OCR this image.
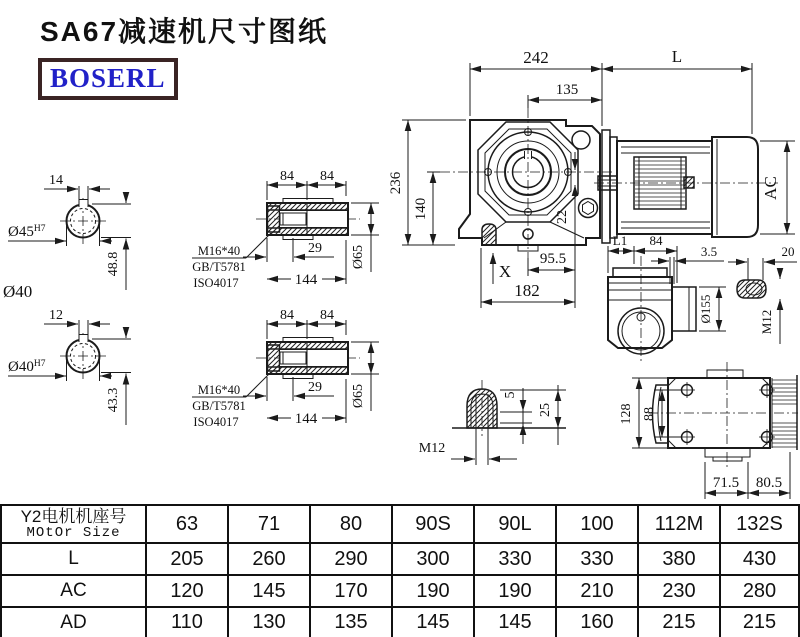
14
$Ø45^{H7}$
48.8
Ø40
12
$Ø40^{H7}$
43.3
84 84
29
144
Ø65
M16*40
GB/T5781
ISO4017
84 84
29
144
Ø65
M16*40
GB/T5781
ISO4017
242	L
135
236
140	22
95.5
X
182
AC
L1 84
3.5
Ø155
20
M12
5
25
M12
128 88
71.5 80.5
SA67减速机尺寸图纸
BOSERL
Y2电机机座号
MOtOr Size	63	71	80	90S	90L	100	112M	132S
L	205	260	290	300	330	330	380	430
AC	120	145	170	190	190	210	230	280
AD	110	130	135	145	145	160	215	215
